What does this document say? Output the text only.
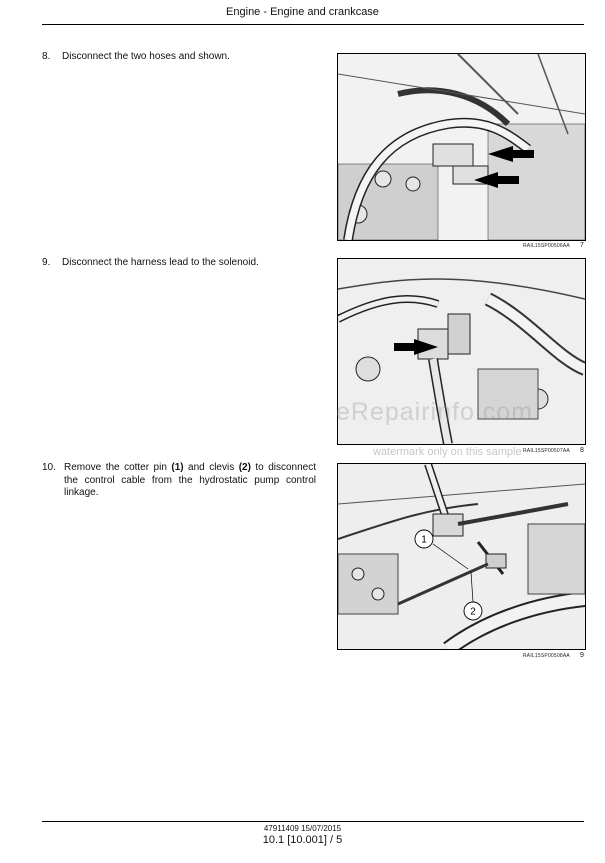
Engine - Engine and crankcase
8. Disconnect the two hoses and shown.
RAIL15SP00506AA 7
9. Disconnect the harness lead to the solenoid.
eRepairinfo.com
RAIL15SP00507AA 8
watermark only on this sample
10. Remove the cotter pin (1) and clevis (2) to disconnect the control cable from the hydrostatic pump control linkage.
1
2
RAIL15SP00508AA 9
47911409 15/07/2015
10.1 [10.001] / 5
